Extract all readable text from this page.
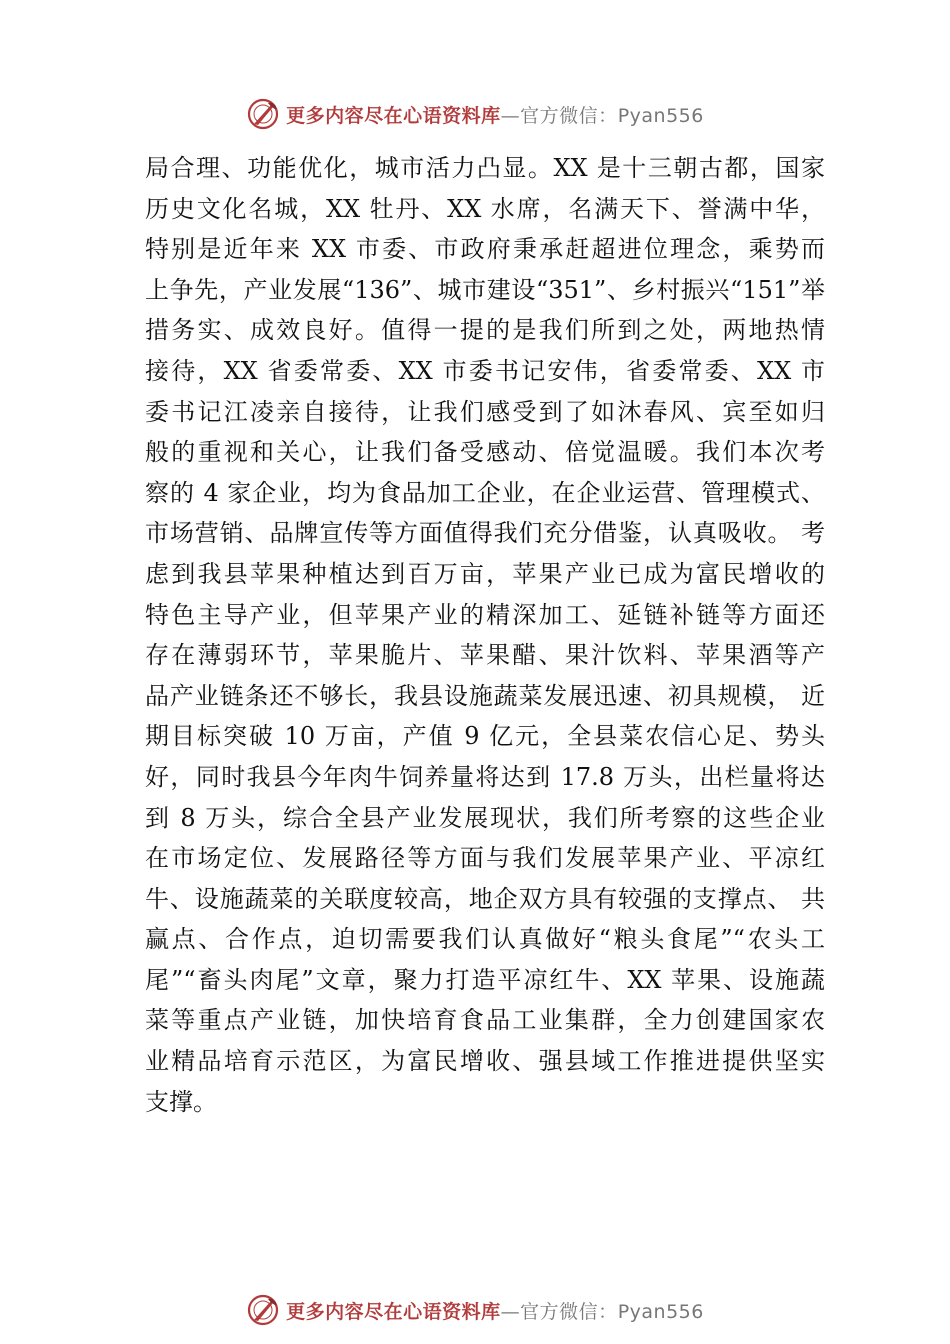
更多内容尽在心语资料库—官方微信：Pyan556
局合理、功能优化，城市活力凸显。XX 是十三朝古都，国家
历史文化名城，XX 牡丹、XX 水席，名满天下、誉满中华，
特别是近年来 XX 市委、市政府秉承赶超进位理念，乘势而
上争先，产业发展“136”、城市建设“351”、乡村振兴“151”举
措务实、成效良好。值得一提的是我们所到之处，两地热情
接待，XX 省委常委、XX 市委书记安伟，省委常委、XX 市
委书记江凌亲自接待，让我们感受到了如沐春风、宾至如归
般的重视和关心，让我们备受感动、倍觉温暖。我们本次考
察的 4 家企业，均为食品加工企业，在企业运营、管理模式、
市场营销、品牌宣传等方面值得我们充分借鉴，认真吸收。 考
虑到我县苹果种植达到百万亩，苹果产业已成为富民增收的
特色主导产业，但苹果产业的精深加工、延链补链等方面还
存在薄弱环节，苹果脆片、苹果醋、果汁饮料、苹果酒等产
品产业链条还不够长，我县设施蔬菜发展迅速、初具规模， 近
期目标突破 10 万亩，产值 9 亿元，全县菜农信心足、势头
好，同时我县今年肉牛饲养量将达到 17.8 万头，出栏量将达
到 8 万头，综合全县产业发展现状，我们所考察的这些企业
在市场定位、发展路径等方面与我们发展苹果产业、平凉红
牛、设施蔬菜的关联度较高，地企双方具有较强的支撑点、 共
赢点、合作点，迫切需要我们认真做好“粮头食尾”“农头工
尾”“畜头肉尾”文章，聚力打造平凉红牛、XX 苹果、设施蔬
菜等重点产业链，加快培育食品工业集群，全力创建国家农
业精品培育示范区，为富民增收、强县域工作推进提供坚实
支撑。
更多内容尽在心语资料库—官方微信：Pyan556
